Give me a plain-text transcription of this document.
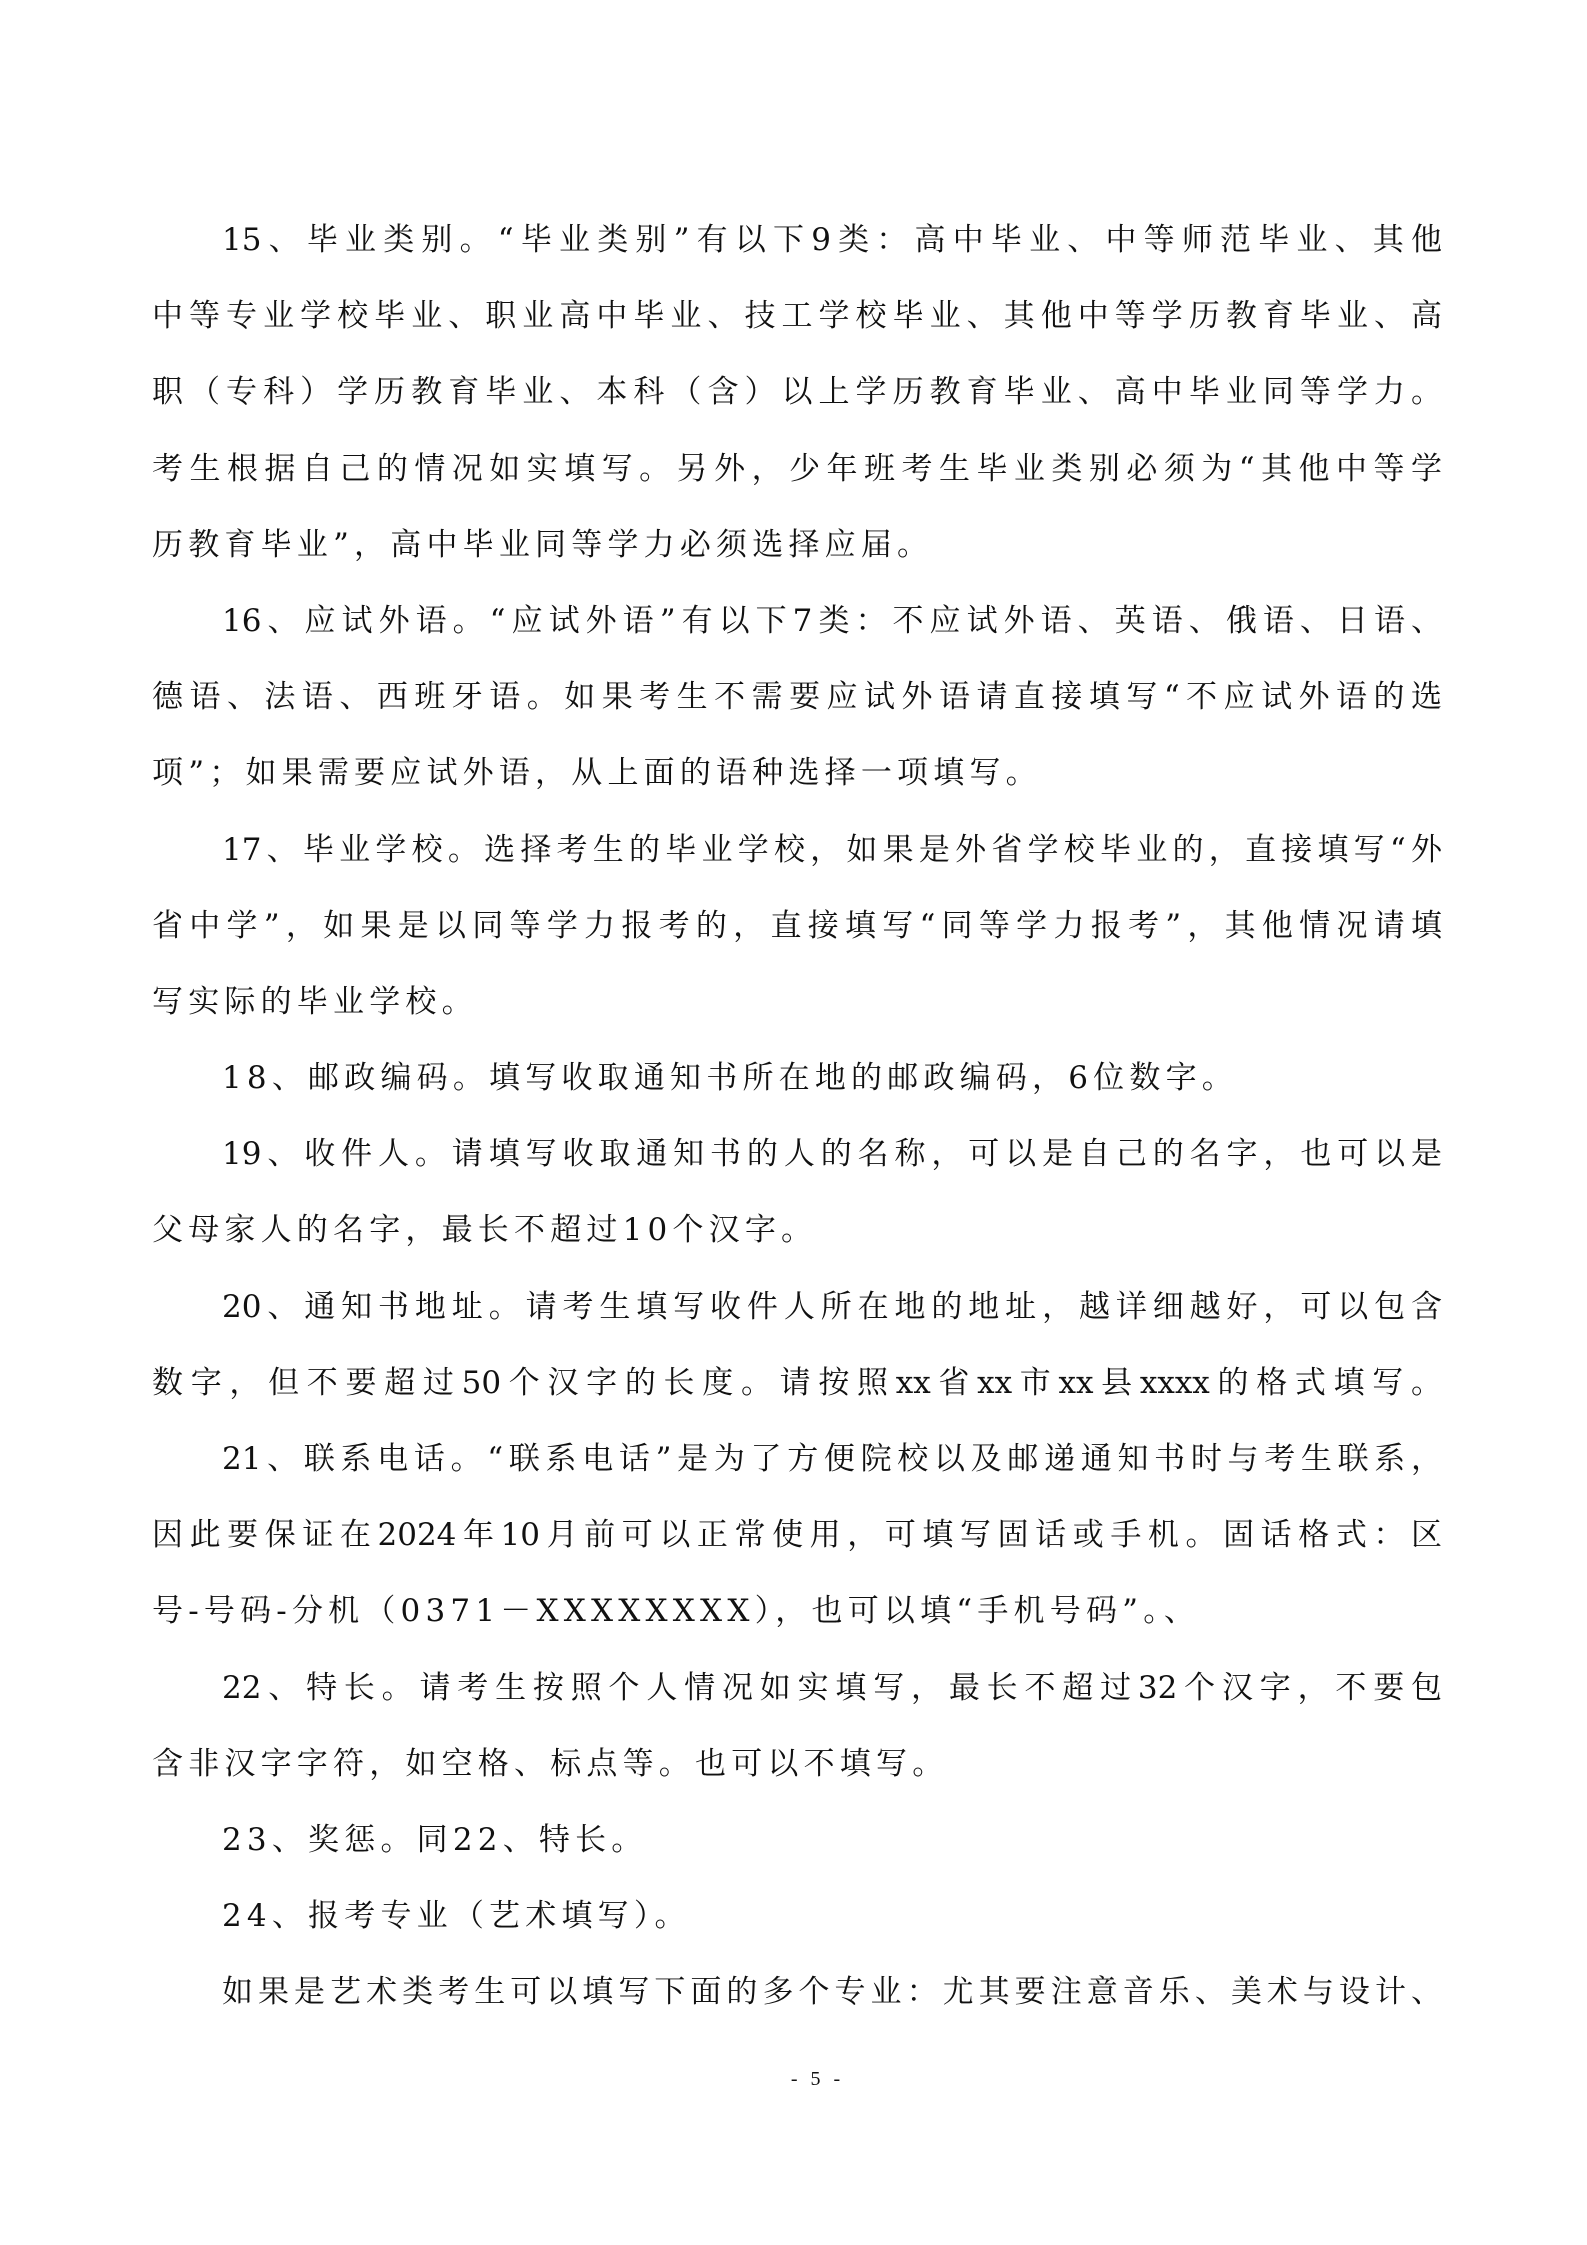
15、毕业类别。“毕业类别”有以下9类：高中毕业、中等师范毕业、其他
中等专业学校毕业、职业高中毕业、技工学校毕业、其他中等学历教育毕业、高
职（专科）学历教育毕业、本科（含）以上学历教育毕业、高中毕业同等学力。
考生根据自己的情况如实填写。另外，少年班考生毕业类别必须为“其他中等学
历教育毕业”，高中毕业同等学力必须选择应届。
16、应试外语。“应试外语”有以下7类：不应试外语、英语、俄语、日语、
德语、法语、西班牙语。如果考生不需要应试外语请直接填写“不应试外语的选
项”；如果需要应试外语，从上面的语种选择一项填写。
17、毕业学校。选择考生的毕业学校，如果是外省学校毕业的，直接填写“外
省中学”，如果是以同等学力报考的，直接填写“同等学力报考”，其他情况请填
写实际的毕业学校。
18、邮政编码。填写收取通知书所在地的邮政编码，6位数字。
19、收件人。请填写收取通知书的人的名称，可以是自己的名字，也可以是
父母家人的名字，最长不超过10个汉字。
20、通知书地址。请考生填写收件人所在地的地址，越详细越好，可以包含
数字，但不要超过50个汉字的长度。请按照xx省xx市xx县xxxx的格式填写。
21、联系电话。“联系电话”是为了方便院校以及邮递通知书时与考生联系，
因此要保证在2024年10月前可以正常使用，可填写固话或手机。固话格式：区
号-号码-分机（0371－XXXXXXXX），也可以填“手机号码”。、
22、特长。请考生按照个人情况如实填写，最长不超过32个汉字，不要包
含非汉字字符，如空格、标点等。也可以不填写。
23、奖惩。同22、特长。
24、报考专业（艺术填写）。
如果是艺术类考生可以填写下面的多个专业：尤其要注意音乐、美术与设计、
- 5 -
